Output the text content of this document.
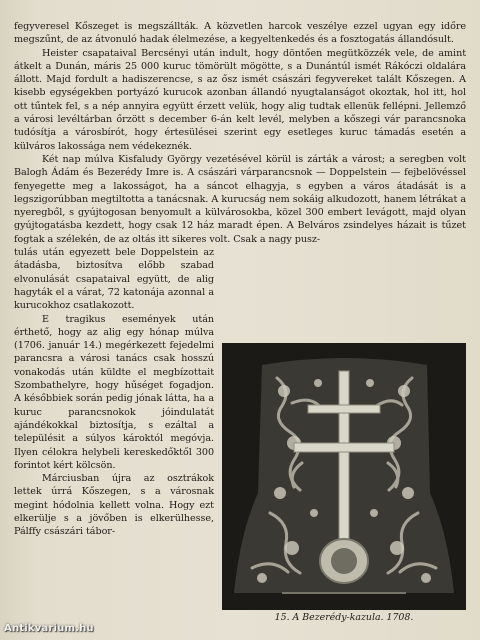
fegyveresel Kőszeget is megszállták. A közvetlen harcok veszélye ezzel ugyan egy időre megszűnt, de az átvonuló hadak élelmezése, a kegyeltenkedés és a fosztogatás állandósult.

Heister csapataival Bercsényi után indult, hogy döntően megütközzék vele, de amint átkelt a Dunán, máris 25 000 kuruc tömörült mögötte, s a Dunántúl ismét Rákóczi oldalára állott. Majd fordult a hadiszerencse, s az ősz ismét császári fegyvereket talált Kőszegen. A kisebb egységekben portyázó kurucok azonban állandó nyugtalanságot okoztak, hol itt, hol ott tűntek fel, s a nép annyira együtt érzett velük, hogy alig tudtak ellenük fellépni. Jellemző a városi levéltárban őrzött s december 6-án kelt levél, melyben a kőszegi vár parancsnoka tudósítja a városbírót, hogy értesülései szerint egy esetleges kuruc támadás esetén a külváros lakossága nem védekeznék.

Két nap múlva Kisfaludy György vezetésével körül is zárták a várost; a seregben volt Balogh Ádám és Bezerédy Imre is. A császári várparancsnok — Doppelstein — fejbelövéssel fenyegette meg a lakosságot, ha a sáncot elhagyja, s egyben a város átadását is a legszigorúbban megtiltotta a tanácsnak. A kurucság nem sokáig alkudozott, hanem létrákat a nyeregből, s gyújtogosan benyomult a külvárosokba, közel 300 embert levágott, majd olyan gyújtogatásba kezdett, hogy csak 12 ház maradt épen. A Belváros zsindelyes házait is tűzet fogtak a szélekén, de az oltás itt sikeres volt. Csak a nagy pusz-

tulás után egyezett bele Doppelstein az átadásba, biztosítva előbb szabad elvonulását csapataival együtt, de alig hagyták el a várat, 72 katonája azonnal a kurucokhoz csatlakozott.

E tragikus események után érthető, hogy az alig egy hónap múlva (1706. január 14.) megérkezett fejedelmi parancsra a városi tanács csak hosszú vonakodás után küldte el megbízottait Szombathelyre, hogy hűséget fogadjon. A későbbiek során pedig jónak látta, ha a kuruc parancsnokok jóindulatát ajándékokkal biztosítja, s ezáltal a településit a súlyos károktól megóvja. Ilyen célokra helybeli kereskedőktől 300 forintot kért kölcsön.

Márciusban újra az osztrákok lettek úrrá Kőszegen, s a városnak megint hódolnia kellett volna. Hogy ezt elkerülje s a jövőben is elkerülhesse, Pálffy császári tábor-

15. A Bezerédy-kazula. 1708.
Antikvarium.hu
